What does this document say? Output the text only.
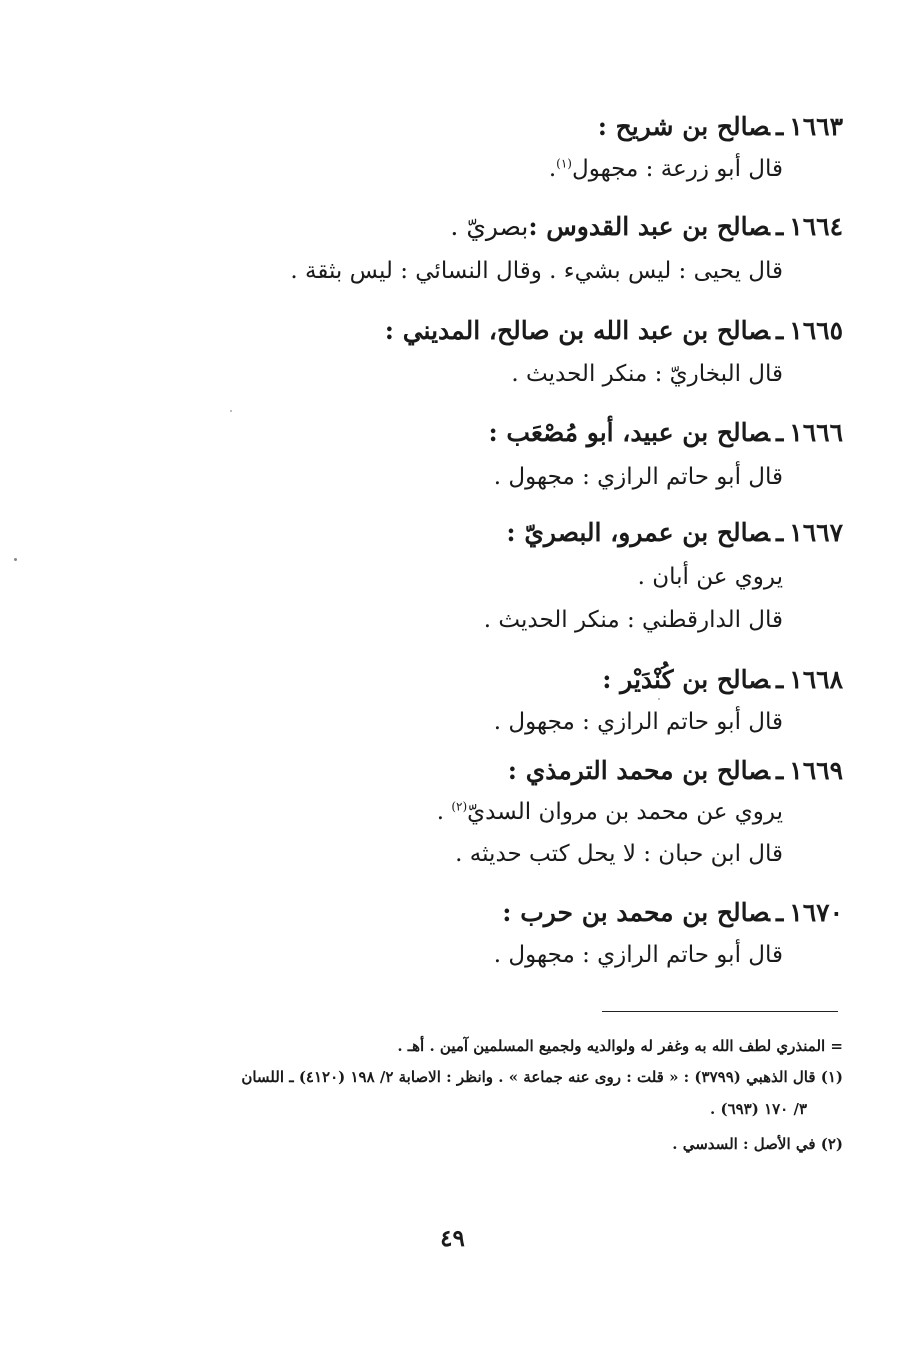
١٦٦٣ـصالح بن شريح :
قال أبو زرعة : مجهول$^{(١)}$.
١٦٦٤ـصالح بن عبد القدوس :بصريّ .
قال يحيى : ليس بشيء . وقال النسائي : ليس بثقة .
١٦٦٥ـصالح بن عبد الله بن صالح، المديني :
قال البخاريّ : منكر الحديث .
١٦٦٦ـصالح بن عبيد، أبو مُصْعَب :
قال أبو حاتم الرازي : مجهول .
١٦٦٧ـصالح بن عمرو، البصريّ :
يروي عن أبان .
قال الدارقطني : منكر الحديث .
١٦٦٨ـصالح بن كُنْدَيْر :
قال أبو حاتم الرازي : مجهول .
١٦٦٩ـصالح بن محمد الترمذي :
يروي عن محمد بن مروان السديّ$^{(٢)}$ .
قال ابن حبان : لا يحل كتب حديثه .
١٦٧٠ـصالح بن محمد بن حرب :
قال أبو حاتم الرازي : مجهول .
= المنذري لطف الله به وغفر له ولوالديه ولجميع المسلمين آمين . أهـ .
(١) قال الذهبي (٣٧٩٩) : « قلت : روى عنه جماعة » . وانظر : الاصابة ٢/ ١٩٨ (٤١٢٠) ـ اللسان
٣/ ١٧٠ (٦٩٣) .
(٢) في الأصل : السدسي .
٤٩
